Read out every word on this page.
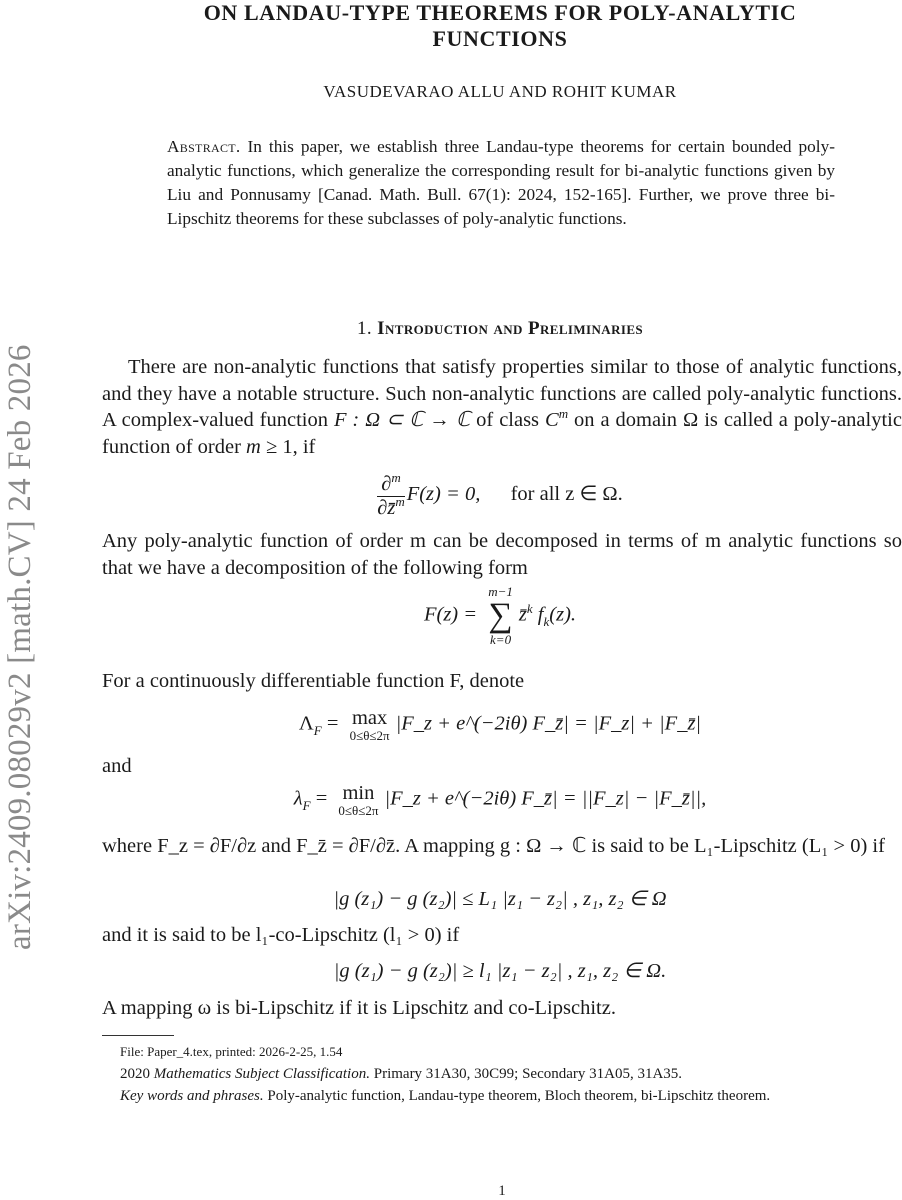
arXiv:2409.08029v2 [math.CV] 24 Feb 2026
ON LANDAU-TYPE THEOREMS FOR POLY-ANALYTIC
FUNCTIONS
VASUDEVARAO ALLU AND ROHIT KUMAR
Abstract. In this paper, we establish three Landau-type theorems for certain bounded poly-analytic functions, which generalize the corresponding result for bi-analytic functions given by Liu and Ponnusamy [Canad. Math. Bull. 67(1): 2024, 152-165]. Further, we prove three bi-Lipschitz theorems for these subclasses of poly-analytic functions.
1. Introduction and Preliminaries
There are non-analytic functions that satisfy properties similar to those of analytic functions, and they have a notable structure. Such non-analytic functions are called poly-analytic functions. A complex-valued function F : Ω ⊂ ℂ → ℂ of class $C^m$ on a domain Ω is called a poly-analytic function of order m ≥ 1, if
$\frac{\partial^m}{\partial z̄^m} F(z) = 0$, for all z ∈ Ω.
Any poly-analytic function of order m can be decomposed in terms of m analytic functions so that we have a decomposition of the following form
F(z) =
m−1
∑
k=0
z̄$^k$ $f_k(z)$.
For a continuously differentiable function F, denote
$\Lambda_F = \max$
0≤θ≤2π
|F_z + e^(−2iθ) F_z̄| = |F_z| + |F_z̄|
and
$\lambda_F = \min$
0≤θ≤2π
|F_z + e^(−2iθ) F_z̄| = ||F_z| − |F_z̄||,
where F_z = ∂F/∂z and F_z̄ = ∂F/∂z̄. A mapping g : Ω → ℂ is said to be L₁-Lipschitz (L₁ > 0) if
|g (z₁) − g (z₂)| ≤ L₁ |z₁ − z₂| , z₁, z₂ ∈ Ω
and it is said to be l₁-co-Lipschitz (l₁ > 0) if
|g (z₁) − g (z₂)| ≥ l₁ |z₁ − z₂| , z₁, z₂ ∈ Ω.
A mapping ω is bi-Lipschitz if it is Lipschitz and co-Lipschitz.
File: Paper_4.tex, printed: 2026-2-25, 1.54
2020 Mathematics Subject Classification. Primary 31A30, 30C99; Secondary 31A05, 31A35.
Key words and phrases. Poly-analytic function, Landau-type theorem, Bloch theorem, bi-Lipschitz theorem.
1
